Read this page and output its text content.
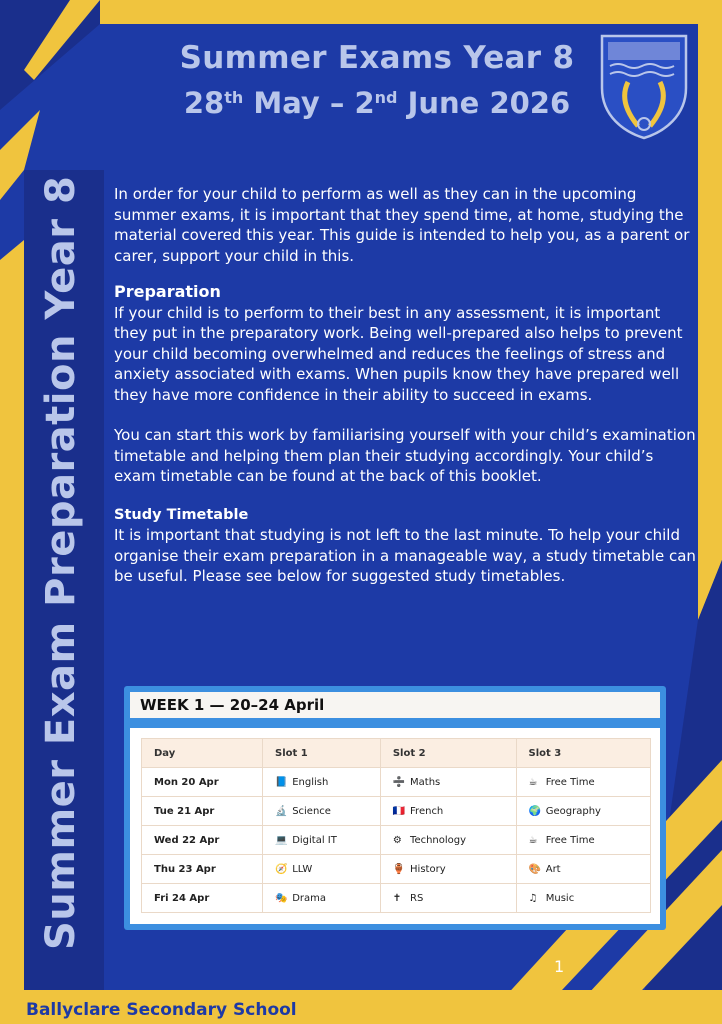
Summer Exams Year 8
28th May – 2nd June 2026
Summer Exam Preparation Year 8 In order for your child to perform as well as they can in the upcoming summer exams, it is important that they spend time, at home, studying the material covered this year. This guide is intended to help you, as a parent or carer, support your child in this.

Preparation

If your child is to perform to their best in any assessment, it is important they put in the preparatory work. Being well-prepared also helps to prevent your child becoming overwhelmed and reduces the feelings of stress and anxiety associated with exams. When pupils know they have prepared well they have more confidence in their ability to succeed in exams.

You can start this work by familiarising yourself with your child’s examination timetable and helping them plan their studying accordingly. Your child’s exam timetable can be found at the back of this booklet.

Study Timetable

It is important that studying is not left to the last minute. To help your child organise their exam preparation in a manageable way, a study timetable can be useful. Please see below for suggested study timetables.

WEEK 1 — 20–24 April
Day	Slot 1	Slot 2	Slot 3
Mon 20 Apr	📘 English	➗ Maths	☕ Free Time
Tue 21 Apr	🔬 Science	🇫🇷 French	🌍 Geography
Wed 22 Apr	💻 Digital IT	⚙ Technology	☕ Free Time
Thu 23 Apr	🧭 LLW	🏺 History	🎨 Art
Fri 24 Apr	🎭 Drama	✝ RS	♫ Music
1
Ballyclare Secondary School
